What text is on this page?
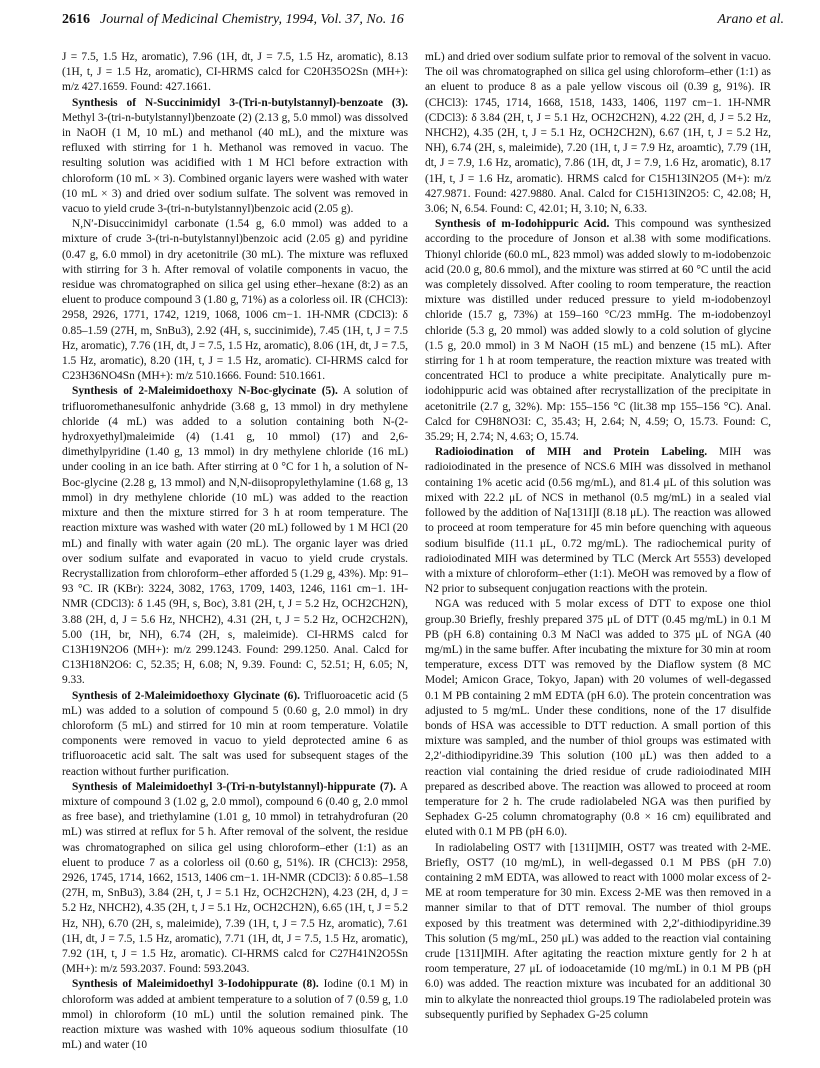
2616 Journal of Medicinal Chemistry, 1994, Vol. 37, No. 16	Arano et al.

J = 7.5, 1.5 Hz, aromatic), 7.96 (1H, dt, J = 7.5, 1.5 Hz, aromatic), 8.13 (1H, t, J = 1.5 Hz, aromatic), CI-HRMS calcd for C20H35O2Sn (MH+): m/z 427.1659. Found: 427.1661.

Synthesis of N-Succinimidyl 3-(Tri-n-butylstannyl)-benzoate (3). Methyl 3-(tri-n-butylstannyl)benzoate (2) (2.13 g, 5.0 mmol) was dissolved in NaOH (1 M, 10 mL) and methanol (40 mL), and the mixture was refluxed with stirring for 1 h. Methanol was removed in vacuo. The resulting solution was acidified with 1 M HCl before extraction with chloroform (10 mL × 3). Combined organic layers were washed with water (10 mL × 3) and dried over sodium sulfate. The solvent was removed in vacuo to yield crude 3-(tri-n-butylstannyl)benzoic acid (2.05 g).

N,N′-Disuccinimidyl carbonate (1.54 g, 6.0 mmol) was added to a mixture of crude 3-(tri-n-butylstannyl)benzoic acid (2.05 g) and pyridine (0.47 g, 6.0 mmol) in dry acetonitrile (30 mL). The mixture was refluxed with stirring for 3 h. After removal of volatile components in vacuo, the residue was chromatographed on silica gel using ether–hexane (8:2) as an eluent to produce compound 3 (1.80 g, 71%) as a colorless oil. IR (CHCl3): 2958, 2926, 1771, 1742, 1219, 1068, 1006 cm−1. 1H-NMR (CDCl3): δ 0.85–1.59 (27H, m, SnBu3), 2.92 (4H, s, succinimide), 7.45 (1H, t, J = 7.5 Hz, aromatic), 7.76 (1H, dt, J = 7.5, 1.5 Hz, aromatic), 8.06 (1H, dt, J = 7.5, 1.5 Hz, aromatic), 8.20 (1H, t, J = 1.5 Hz, aromatic). CI-HRMS calcd for C23H36NO4Sn (MH+): m/z 510.1666. Found: 510.1661.

Synthesis of 2-Maleimidoethoxy N-Boc-glycinate (5). A solution of trifluoromethanesulfonic anhydride (3.68 g, 13 mmol) in dry methylene chloride (4 mL) was added to a solution containing both N-(2-hydroxyethyl)maleimide (4) (1.41 g, 10 mmol) (17) and 2,6-dimethylpyridine (1.40 g, 13 mmol) in dry methylene chloride (16 mL) under cooling in an ice bath. After stirring at 0 °C for 1 h, a solution of N-Boc-glycine (2.28 g, 13 mmol) and N,N-diisopropylethylamine (1.68 g, 13 mmol) in dry methylene chloride (10 mL) was added to the reaction mixture and then the mixture stirred for 3 h at room temperature. The reaction mixture was washed with water (20 mL) followed by 1 M HCl (20 mL) and finally with water again (20 mL). The organic layer was dried over sodium sulfate and evaporated in vacuo to yield crude crystals. Recrystallization from chloroform–ether afforded 5 (1.29 g, 43%). Mp: 91–93 °C. IR (KBr): 3224, 3082, 1763, 1709, 1403, 1246, 1161 cm−1. 1H-NMR (CDCl3): δ 1.45 (9H, s, Boc), 3.81 (2H, t, J = 5.2 Hz, OCH2CH2N), 3.88 (2H, d, J = 5.6 Hz, NHCH2), 4.31 (2H, t, J = 5.2 Hz, OCH2CH2N), 5.00 (1H, br, NH), 6.74 (2H, s, maleimide). CI-HRMS calcd for C13H19N2O6 (MH+): m/z 299.1243. Found: 299.1250. Anal. Calcd for C13H18N2O6: C, 52.35; H, 6.08; N, 9.39. Found: C, 52.51; H, 6.05; N, 9.33.

Synthesis of 2-Maleimidoethoxy Glycinate (6). Trifluoroacetic acid (5 mL) was added to a solution of compound 5 (0.60 g, 2.0 mmol) in dry chloroform (5 mL) and stirred for 10 min at room temperature. Volatile components were removed in vacuo to yield deprotected amine 6 as trifluoroacetic acid salt. The salt was used for subsequent stages of the reaction without further purification.

Synthesis of Maleimidoethyl 3-(Tri-n-butylstannyl)-hippurate (7). A mixture of compound 3 (1.02 g, 2.0 mmol), compound 6 (0.40 g, 2.0 mmol as free base), and triethylamine (1.01 g, 10 mmol) in tetrahydrofuran (20 mL) was stirred at reflux for 5 h. After removal of the solvent, the residue was chromatographed on silica gel using chloroform–ether (1:1) as an eluent to produce 7 as a colorless oil (0.60 g, 51%). IR (CHCl3): 2958, 2926, 1745, 1714, 1662, 1513, 1406 cm−1. 1H-NMR (CDCl3): δ 0.85–1.58 (27H, m, SnBu3), 3.84 (2H, t, J = 5.1 Hz, OCH2CH2N), 4.23 (2H, d, J = 5.2 Hz, NHCH2), 4.35 (2H, t, J = 5.1 Hz, OCH2CH2N), 6.65 (1H, t, J = 5.2 Hz, NH), 6.70 (2H, s, maleimide), 7.39 (1H, t, J = 7.5 Hz, aromatic), 7.61 (1H, dt, J = 7.5, 1.5 Hz, aromatic), 7.71 (1H, dt, J = 7.5, 1.5 Hz, aromatic), 7.92 (1H, t, J = 1.5 Hz, aromatic). CI-HRMS calcd for C27H41N2O5Sn (MH+): m/z 593.2037. Found: 593.2043.

Synthesis of Maleimidoethyl 3-Iodohippurate (8). Iodine (0.1 M) in chloroform was added at ambient temperature to a solution of 7 (0.59 g, 1.0 mmol) in chloroform (10 mL) until the solution remained pink. The reaction mixture was washed with 10% aqueous sodium thiosulfate (10 mL) and water (10

mL) and dried over sodium sulfate prior to removal of the solvent in vacuo. The oil was chromatographed on silica gel using chloroform–ether (1:1) as an eluent to produce 8 as a pale yellow viscous oil (0.39 g, 91%). IR (CHCl3): 1745, 1714, 1668, 1518, 1433, 1406, 1197 cm−1. 1H-NMR (CDCl3): δ 3.84 (2H, t, J = 5.1 Hz, OCH2CH2N), 4.22 (2H, d, J = 5.2 Hz, NHCH2), 4.35 (2H, t, J = 5.1 Hz, OCH2CH2N), 6.67 (1H, t, J = 5.2 Hz, NH), 6.74 (2H, s, maleimide), 7.20 (1H, t, J = 7.9 Hz, aroamtic), 7.79 (1H, dt, J = 7.9, 1.6 Hz, aromatic), 7.86 (1H, dt, J = 7.9, 1.6 Hz, aromatic), 8.17 (1H, t, J = 1.6 Hz, aromatic). HRMS calcd for C15H13IN2O5 (M+): m/z 427.9871. Found: 427.9880. Anal. Calcd for C15H13IN2O5: C, 42.08; H, 3.06; N, 6.54. Found: C, 42.01; H, 3.10; N, 6.33.

Synthesis of m-Iodohippuric Acid. This compound was synthesized according to the procedure of Jonson et al.38 with some modifications. Thionyl chloride (60.0 mL, 823 mmol) was added slowly to m-iodobenzoic acid (20.0 g, 80.6 mmol), and the mixture was stirred at 60 °C until the acid was completely dissolved. After cooling to room temperature, the reaction mixture was distilled under reduced pressure to yield m-iodobenzoyl chloride (15.7 g, 73%) at 159–160 °C/23 mmHg. The m-iodobenzoyl chloride (5.3 g, 20 mmol) was added slowly to a cold solution of glycine (1.5 g, 20.0 mmol) in 3 M NaOH (15 mL) and benzene (15 mL). After stirring for 1 h at room temperature, the reaction mixture was treated with concentrated HCl to produce a white precipitate. Analytically pure m-iodohippuric acid was obtained after recrystallization of the precipitate in acetonitrile (2.7 g, 32%). Mp: 155–156 °C (lit.38 mp 155–156 °C). Anal. Calcd for C9H8NO3I: C, 35.43; H, 2.64; N, 4.59; O, 15.73. Found: C, 35.29; H, 2.74; N, 4.63; O, 15.74.

Radioiodination of MIH and Protein Labeling. MIH was radioiodinated in the presence of NCS.6 MIH was dissolved in methanol containing 1% acetic acid (0.56 mg/mL), and 81.4 μL of this solution was mixed with 22.2 μL of NCS in methanol (0.5 mg/mL) in a sealed vial followed by the addition of Na[131I]I (8.18 μL). The reaction was allowed to proceed at room temperature for 45 min before quenching with aqueous sodium bisulfide (11.1 μL, 0.72 mg/mL). The radiochemical purity of radioiodinated MIH was determined by TLC (Merck Art 5553) developed with a mixture of chloroform–ether (1:1). MeOH was removed by a flow of N2 prior to subsequent conjugation reactions with the protein.

NGA was reduced with 5 molar excess of DTT to expose one thiol group.30 Briefly, freshly prepared 375 μL of DTT (0.45 mg/mL) in 0.1 M PB (pH 6.8) containing 0.3 M NaCl was added to 375 μL of NGA (40 mg/mL) in the same buffer. After incubating the mixture for 30 min at room temperature, excess DTT was removed by the Diaflow system (8 MC Model; Amicon Grace, Tokyo, Japan) with 20 volumes of well-degassed 0.1 M PB containing 2 mM EDTA (pH 6.0). The protein concentration was adjusted to 5 mg/mL. Under these conditions, none of the 17 disulfide bonds of HSA was accessible to DTT reduction. A small portion of this mixture was sampled, and the number of thiol groups was estimated with 2,2′-dithiodipyridine.39 This solution (100 μL) was then added to a reaction vial containing the dried residue of crude radioiodinated MIH prepared as described above. The reaction was allowed to proceed at room temperature for 2 h. The crude radiolabeled NGA was then purified by Sephadex G-25 column chromatography (0.8 × 16 cm) equilibrated and eluted with 0.1 M PB (pH 6.0).

In radiolabeling OST7 with [131I]MIH, OST7 was treated with 2-ME. Briefly, OST7 (10 mg/mL), in well-degassed 0.1 M PBS (pH 7.0) containing 2 mM EDTA, was allowed to react with 1000 molar excess of 2-ME at room temperature for 30 min. Excess 2-ME was then removed in a manner similar to that of DTT removal. The number of thiol groups exposed by this treatment was determined with 2,2′-dithiodipyridine.39 This solution (5 mg/mL, 250 μL) was added to the reaction vial containing crude [131I]MIH. After agitating the reaction mixture gently for 2 h at room temperature, 27 μL of iodoacetamide (10 mg/mL) in 0.1 M PB (pH 6.0) was added. The reaction mixture was incubated for an additional 30 min to alkylate the nonreacted thiol groups.19 The radiolabeled protein was subsequently purified by Sephadex G-25 column
